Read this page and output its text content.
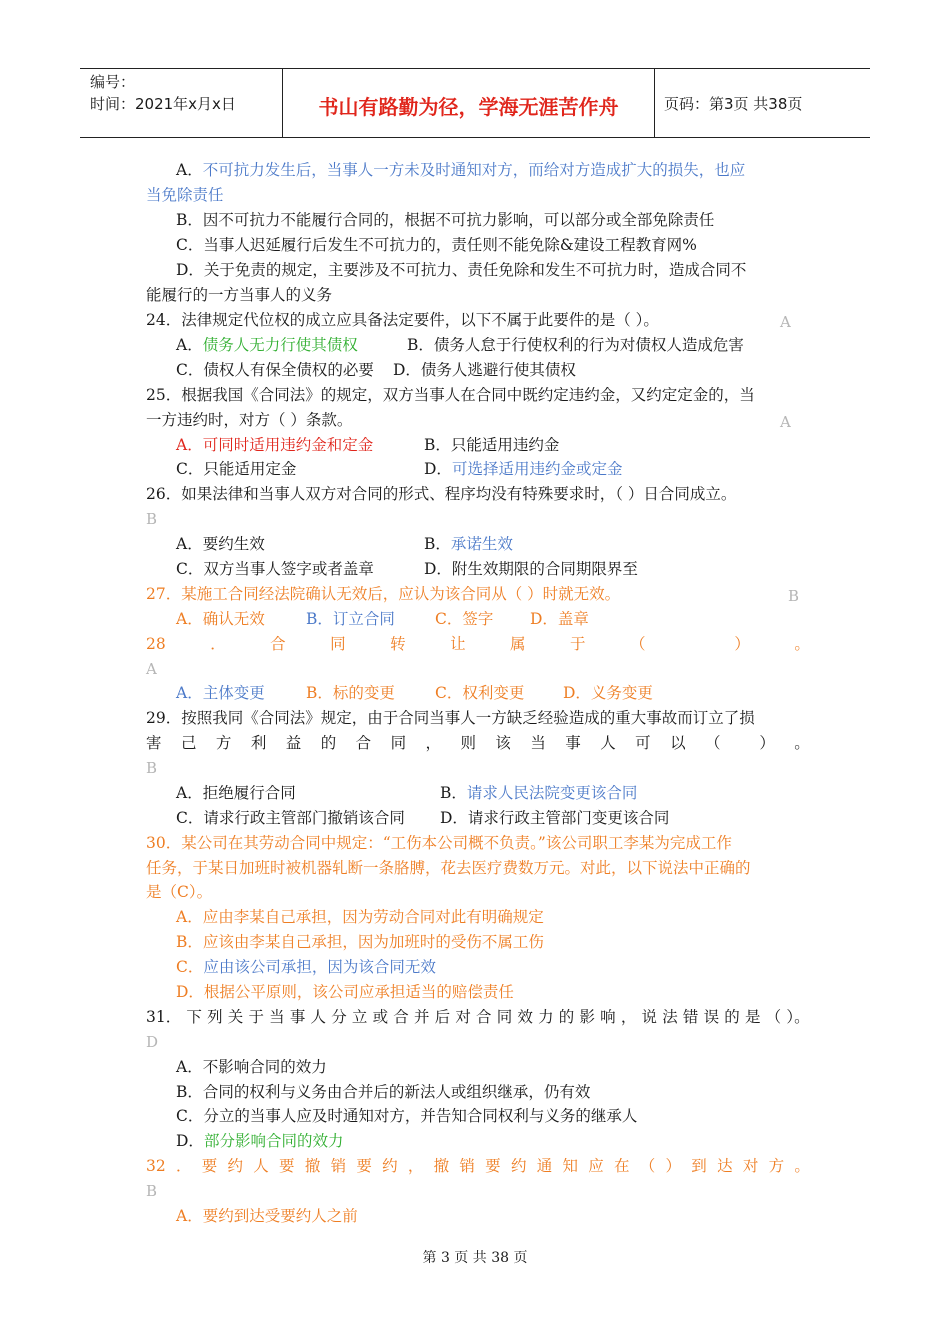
编号：
时间：2021年x月x日	书山有路勤为径，学海无涯苦作舟	页码：第3页 共38页
A．不可抗力发生后，当事人一方未及时通知对方，而给对方造成扩大的损失，也应
当免除责任
B．因不可抗力不能履行合同的，根据不可抗力影响，可以部分或全部免除责任
C．当事人迟延履行后发生不可抗力的，责任则不能免除&建设工程教育网%
D．关于免责的规定，主要涉及不可抗力、责任免除和发生不可抗力时，造成合同不
能履行的一方当事人的义务
24．法律规定代位权的成立应具备法定要件，以下不属于此要件的是（ ）。	A
A．债务人无力行使其债权	B．债务人怠于行使权利的行为对债权人造成危害
C．债权人有保全债权的必要 D．债务人逃避行使其债权
25．根据我国《合同法》的规定，双方当事人在合同中既约定违约金，又约定定金的，当
一方违约时，对方（ ）条款。	A
A．可同时适用违约金和定金	B．只能适用违约金
C．只能适用定金	D．可选择适用违约金或定金
26．如果法律和当事人双方对合同的形式、程序均没有特殊要求时，（ ）日合同成立。
B
A．要约生效	B．承诺生效
C．双方当事人签字或者盖章	D．附生效期限的合同期限界至
27．某施工合同经法院确认无效后，应认为该合同从（ ）时就无效。	B
A．确认无效	B．订立合同	C．签字 D．盖章
28	．	合	同	转	让	属	于	（	）	。
A
A．主体变更	B．标的变更	C．权利变更 D．义务变更
29．按照我同《合同法》规定，由于合同当事人一方缺乏经验造成的重大事故而订立了损
害 己 方 利 益 的 合 同 ， 则 该 当 事 人 可 以 （	） 。
B
A．拒绝履行合同	B．请求人民法院变更该合同
C．请求行政主管部门撤销该合同 D．请求行政主管部门变更该合同
30．某公司在其劳动合同中规定：“工伤本公司概不负责。”该公司职工李某为完成工作
任务，于某日加班时被机器轧断一条胳膊，花去医疗费数万元。对此，以下说法中正确的
是（C）。
A．应由李某自己承担，因为劳动合同对此有明确规定
B．应该由李某自己承担，因为加班时的受伤不属工伤
C．应由该公司承担，因为该合同无效
D．根据公平原则，该公司应承担适当的赔偿责任
31． 下 列 关 于 当 事 人 分 立 或 合 并 后 对 合 同 效 力 的 影 响 ， 说 法 错 误 的 是 （ ）。
D
A．不影响合同的效力
B．合同的权利与义务由合并后的新法人或组织继承，仍有效
C．分立的当事人应及时通知对方，并告知合同权利与义务的继承人
D．部分影响合同的效力
32 ． 要 约 人 要 撤 销 要 约 ， 撤 销 要 约 通 知 应 在 （ ） 到 达 对 方 。
B
A．要约到达受要约人之前
第 3 页 共 38 页
